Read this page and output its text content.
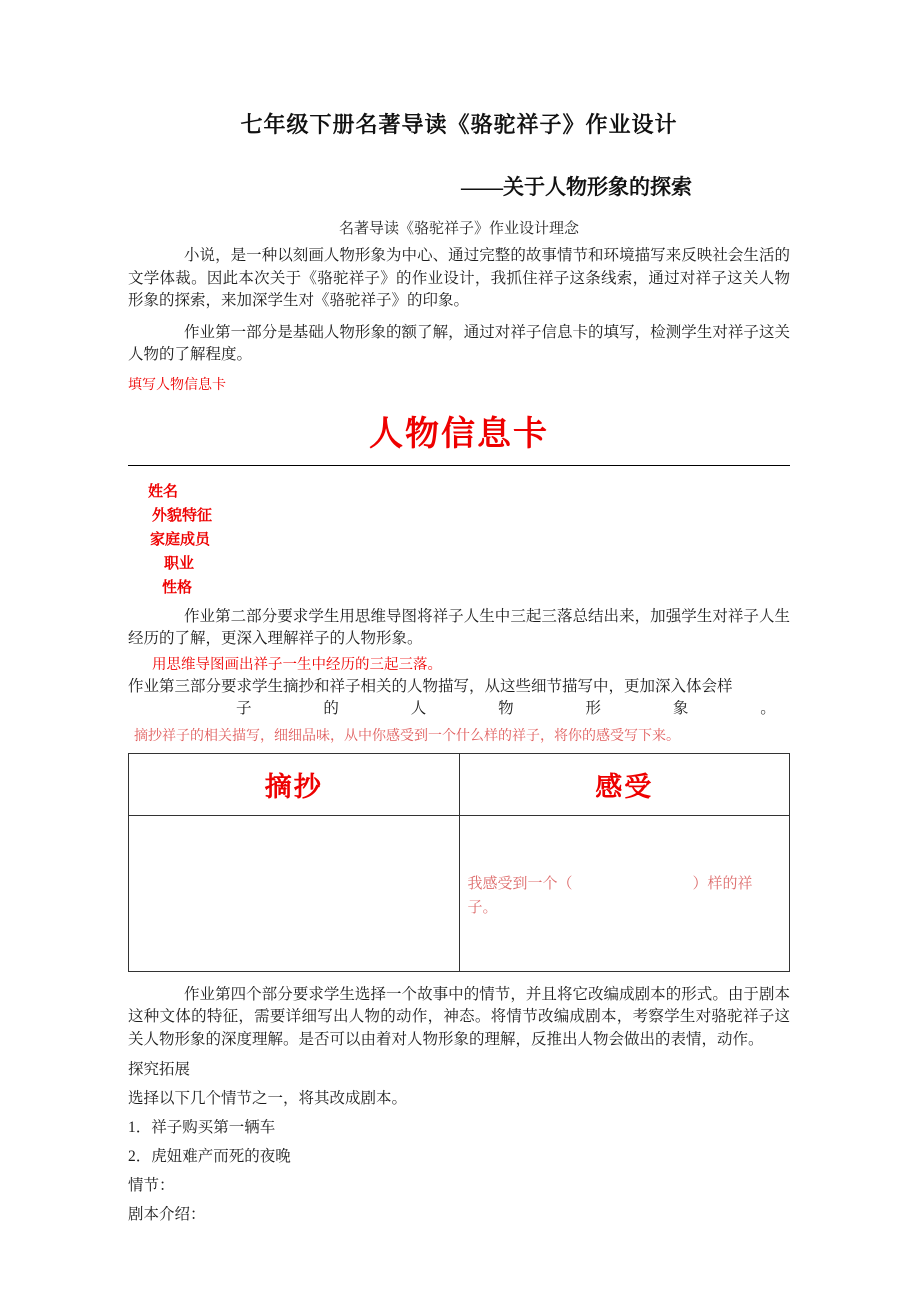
七年级下册名著导读《骆驼祥子》作业设计
——关于人物形象的探索
名著导读《骆驼祥子》作业设计理念

小说，是一种以刻画人物形象为中心、通过完整的故事情节和环境描写来反映社会生活的文学体裁。因此本次关于《骆驼祥子》的作业设计，我抓住祥子这条线索，通过对祥子这关人物形象的探索，来加深学生对《骆驼祥子》的印象。

作业第一部分是基础人物形象的额了解，通过对祥子信息卡的填写，检测学生对祥子这关人物的了解程度。

填写人物信息卡
人物信息卡
姓名
外貌特征
家庭成员
职业
性格

作业第二部分要求学生用思维导图将祥子人生中三起三落总结出来，加强学生对祥子人生经历的了解，更深入理解祥子的人物形象。

用思维导图画出祥子一生中经历的三起三落。
作业第三部分要求学生摘抄和祥子相关的人物描写，从这些细节描写中，更加深入体会样
子 的 人 物 形 象 。
摘抄祥子的相关描写，细细品味，从中你感受到一个什么样的祥子，将你的感受写下来。
摘抄	感受

	我感受到一个（　　　　　　　　）样的祥子。

作业第四个部分要求学生选择一个故事中的情节，并且将它改编成剧本的形式。由于剧本这种文体的特征，需要详细写出人物的动作，神态。将情节改编成剧本，考察学生对骆驼祥子这关人物形象的深度理解。是否可以由着对人物形象的理解，反推出人物会做出的表情，动作。

探究拓展
选择以下几个情节之一，将其改成剧本。
1．祥子购买第一辆车
2．虎妞难产而死的夜晚
情节：
剧本介绍：
